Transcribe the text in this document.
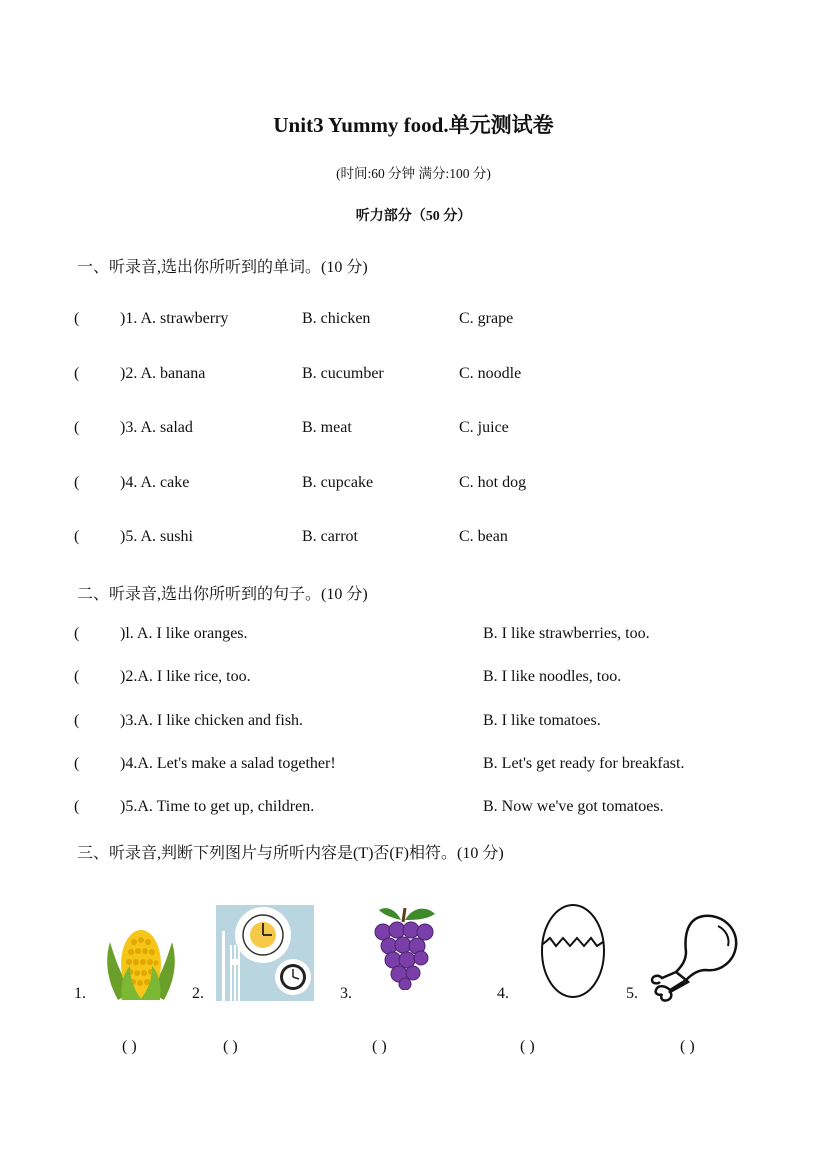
Unit3 Yummy food.单元测试卷
(时间:60 分钟 满分:100 分)
听力部分（50 分）
一、听录音,选出你所听到的单词。(10 分)
(	)1. A. strawberry	B. chicken	C. grape
(	)2. A. banana	B. cucumber	C. noodle
(	)3. A. salad	B. meat	C. juice
(	)4. A. cake	B. cupcake	C. hot dog
(	)5. A. sushi	B. carrot	C. bean
二、听录音,选出你所听到的句子。(10 分)
(	)l. A. I like oranges.	B. I like strawberries, too.
(	)2.A. I like rice, too.	B. I like noodles, too.
(	)3.A. I like chicken and fish.	B. I like tomatoes.
(	)4.A. Let's make a salad together!	B. Let's get ready for breakfast.
(	)5.A. Time to get up, children.	B. Now we've got tomatoes.
三、听录音,判断下列图片与所听内容是(T)否(F)相符。(10 分)
1.	2.	3.	4.	5.
( )	( )	( )	( )	( )
